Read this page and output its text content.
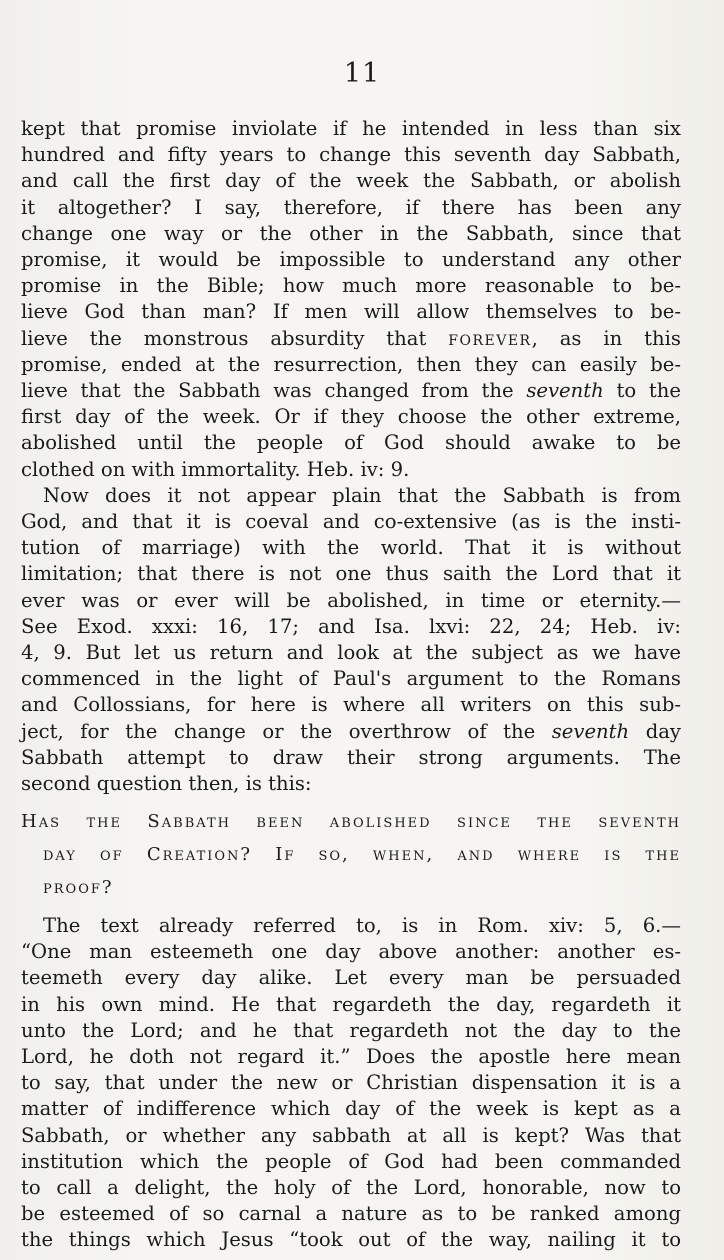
11
kept that promise inviolate if he intended in less than six
hundred and fifty years to change this seventh day Sabbath,
and call the first day of the week the Sabbath, or abolish
it altogether? I say, therefore, if there has been any
change one way or the other in the Sabbath, since that
promise, it would be impossible to understand any other
promise in the Bible; how much more reasonable to be-
lieve God than man? If men will allow themselves to be-
lieve the monstrous absurdity that forever, as in this
promise, ended at the resurrection, then they can easily be-
lieve that the Sabbath was changed from the seventh to the
first day of the week. Or if they choose the other extreme,
abolished until the people of God should awake to be
clothed on with immortality. Heb. iv: 9.
Now does it not appear plain that the Sabbath is from
God, and that it is coeval and co-extensive (as is the insti-
tution of marriage) with the world. That it is without
limitation; that there is not one thus saith the Lord that it
ever was or ever will be abolished, in time or eternity.—
See Exod. xxxi: 16, 17; and Isa. lxvi: 22, 24; Heb. iv:
4, 9. But let us return and look at the subject as we have
commenced in the light of Paul's argument to the Romans
and Collossians, for here is where all writers on this sub-
ject, for the change or the overthrow of the seventh day
Sabbath attempt to draw their strong arguments. The
second question then, is this:
Has the Sabbath been abolished since the seventh
day of Creation? If so, when, and where is the
proof?
The text already referred to, is in Rom. xiv: 5, 6.—
“One man esteemeth one day above another: another es-
teemeth every day alike. Let every man be persuaded
in his own mind. He that regardeth the day, regardeth it
unto the Lord; and he that regardeth not the day to the
Lord, he doth not regard it.” Does the apostle here mean
to say, that under the new or Christian dispensation it is a
matter of indifference which day of the week is kept as a
Sabbath, or whether any sabbath at all is kept? Was that
institution which the people of God had been commanded
to call a delight, the holy of the Lord, honorable, now to
be esteemed of so carnal a nature as to be ranked among
the things which Jesus “took out of the way, nailing it to
